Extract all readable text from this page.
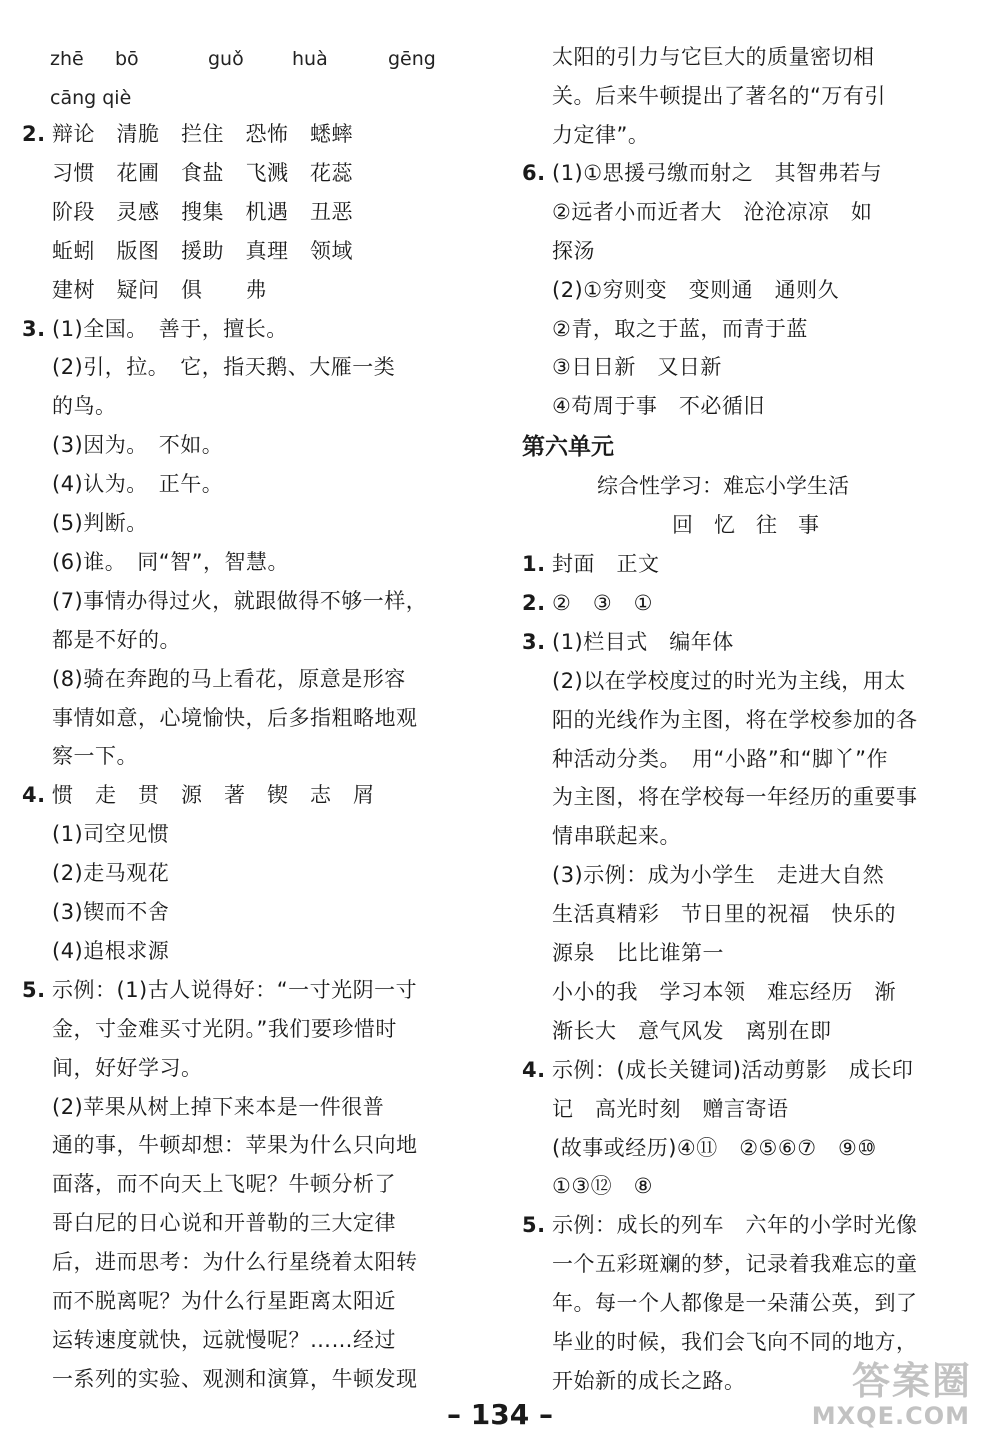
zhē bō	guǒ	huà	gēng
cāng qiè
2. 辩论　清脆　拦住　恐怖　蟋蟀
习惯　花圃　食盐　飞溅　花蕊
阶段　灵感　搜集　机遇　丑恶
蚯蚓　版图　援助　真理　领域
建树　疑问　俱　　弗
3. (1)全国。　善于，擅长。
(2)引，拉。　它，指天鹅、大雁一类
的鸟。
(3)因为。　不如。
(4)认为。　正午。
(5)判断。
(6)谁。　同“智”，智慧。
(7)事情办得过火，就跟做得不够一样，
都是不好的。
(8)骑在奔跑的马上看花，原意是形容
事情如意，心境愉快，后多指粗略地观
察一下。
4. 惯　走　贯　源　著　锲　志　屑
(1)司空见惯
(2)走马观花
(3)锲而不舍
(4)追根求源
5. 示例：(1)古人说得好：“一寸光阴一寸
金，寸金难买寸光阴。”我们要珍惜时
间，好好学习。
(2)苹果从树上掉下来本是一件很普
通的事，牛顿却想：苹果为什么只向地
面落，而不向天上飞呢？牛顿分析了
哥白尼的日心说和开普勒的三大定律
后，进而思考：为什么行星绕着太阳转
而不脱离呢？为什么行星距离太阳近
运转速度就快，远就慢呢？……经过
一系列的实验、观测和演算，牛顿发现
太阳的引力与它巨大的质量密切相
关。后来牛顿提出了著名的“万有引
力定律”。
6. (1)①思援弓缴而射之　其智弗若与
②远者小而近者大　沧沧凉凉　如
探汤
(2)①穷则变　变则通　通则久
②青，取之于蓝，而青于蓝
③日日新　又日新
④苟周于事　不必循旧
第六单元
综合性学习：难忘小学生活
回　忆　往　事
1. 封面　正文
2. ②　③　①
3. (1)栏目式　编年体
(2)以在学校度过的时光为主线，用太
阳的光线作为主图，将在学校参加的各
种活动分类。　用“小路”和“脚丫”作
为主图，将在学校每一年经历的重要事
情串联起来。
(3)示例：成为小学生　走进大自然
生活真精彩　节日里的祝福　快乐的
源泉　比比谁第一
小小的我　学习本领　难忘经历　渐
渐长大　意气风发　离别在即
4. 示例：(成长关键词)活动剪影　成长印
记　高光时刻　赠言寄语
(故事或经历)④⑪　②⑤⑥⑦　⑨⑩
①③⑫　⑧
5. 示例：成长的列车　六年的小学时光像
一个五彩斑斓的梦，记录着我难忘的童
年。每一个人都像是一朵蒲公英，到了
毕业的时候，我们会飞向不同的地方，
开始新的成长之路。
– 134 –
答案圈
MXQE.COM
